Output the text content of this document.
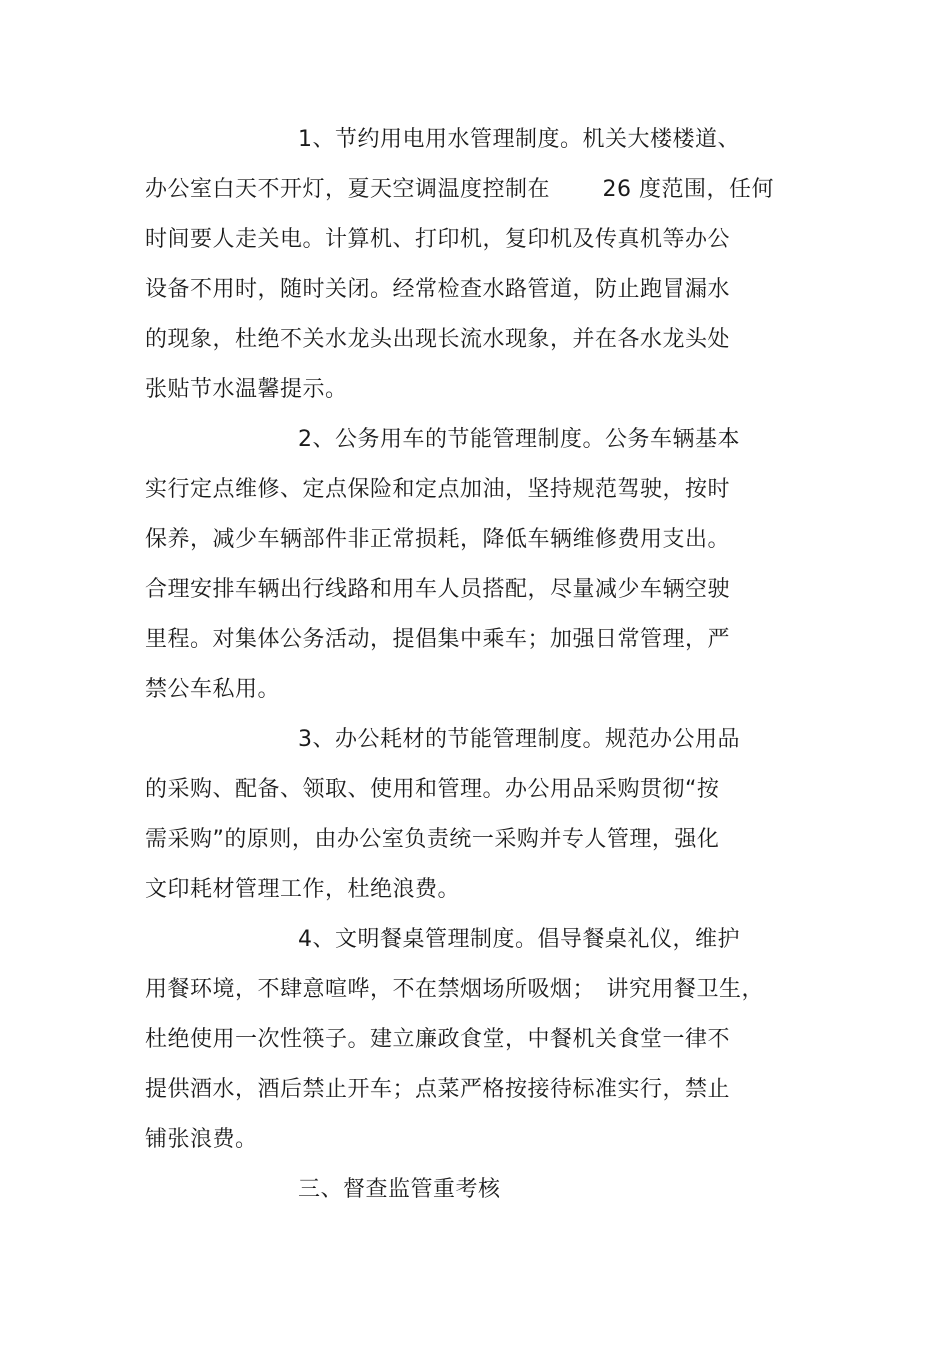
1、节约用电用水管理制度。机关大楼楼道、
办公室白天不开灯，夏天空调温度控制在　　 26 度范围，任何
时间要人走关电。计算机、打印机，复印机及传真机等办公
设备不用时，随时关闭。经常检查水路管道，防止跑冒漏水
的现象，杜绝不关水龙头出现长流水现象，并在各水龙头处
张贴节水温馨提示。
2、公务用车的节能管理制度。公务车辆基本
实行定点维修、定点保险和定点加油，坚持规范驾驶，按时
保养，减少车辆部件非正常损耗，降低车辆维修费用支出。
合理安排车辆出行线路和用车人员搭配，尽量减少车辆空驶
里程。对集体公务活动，提倡集中乘车；加强日常管理，严
禁公车私用。
3、办公耗材的节能管理制度。规范办公用品
的采购、配备、领取、使用和管理。办公用品采购贯彻“按
需采购”的原则，由办公室负责统一采购并专人管理，强化
文印耗材管理工作，杜绝浪费。
4、文明餐桌管理制度。倡导餐桌礼仪，维护
用餐环境，不肆意喧哗，不在禁烟场所吸烟；　讲究用餐卫生，
杜绝使用一次性筷子。建立廉政食堂，中餐机关食堂一律不
提供酒水，酒后禁止开车；点菜严格按接待标准实行，禁止
铺张浪费。
三、督查监管重考核
